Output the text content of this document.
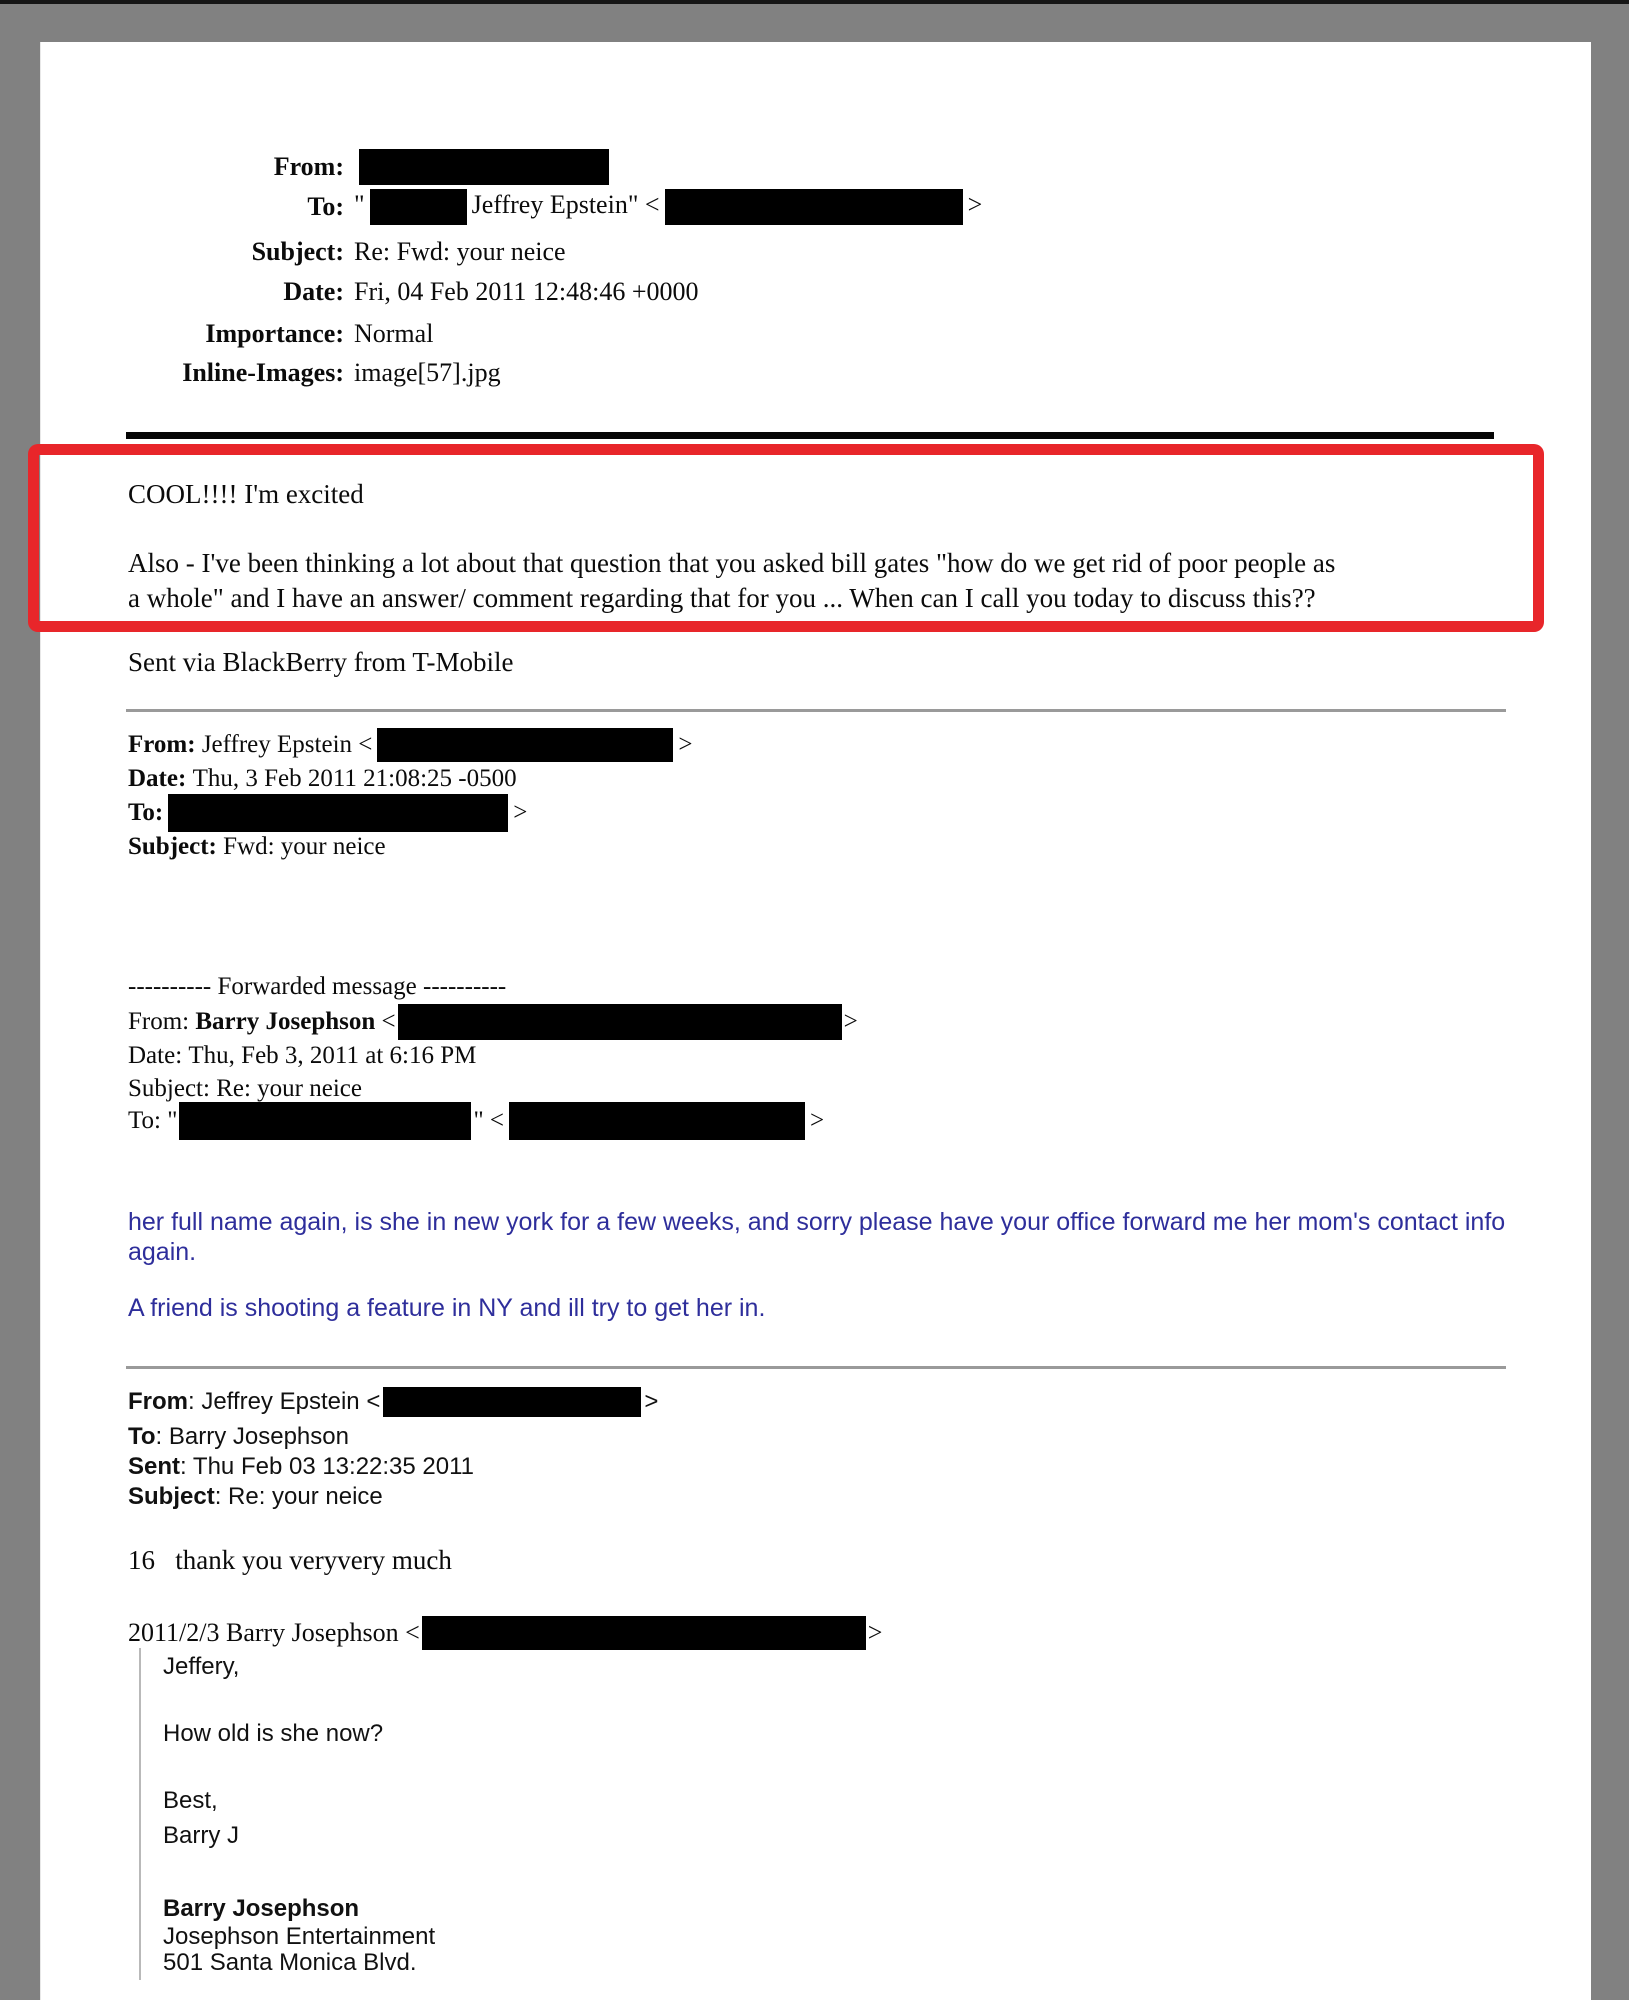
From:
To: "	Jeffrey Epstein" <	>
Subject: Re: Fwd: your neice
Date: Fri, 04 Feb 2011 12:48:46 +0000
Importance: Normal
Inline-Images: image[57].jpg
COOL!!!! I'm excited
Also - I've been thinking a lot about that question that you asked bill gates "how do we get rid of poor people as
a whole" and I have an answer/ comment regarding that for you ... When can I call you today to discuss this??
Sent via BlackBerry from T-Mobile
From:
Jeffrey Epstein <	>
Date: Thu, 3 Feb 2011 21:08:25 -0500
To:	>
Subject: Fwd: your neice
---------- Forwarded message ----------
From:
Barry Josephson
<	>
Date: Thu, Feb 3, 2011 at 6:16 PM
Subject: Re: your neice
To:
"	" <	>
her full name again, is she in new york for a few weeks, and sorry please have your office forward me her mom's contact info
again.
A friend is shooting a feature in NY and ill try to get her in.
From : Jeffrey Epstein <	>
To: Barry Josephson
Sent: Thu Feb 03 13:22:35 2011
Subject: Re: your neice
16   thank you veryvery much
2011/2/3 Barry Josephson <	>
Jeffery,
How old is she now?
Best,
Barry J
Barry Josephson
Josephson Entertainment
501 Santa Monica Blvd.
